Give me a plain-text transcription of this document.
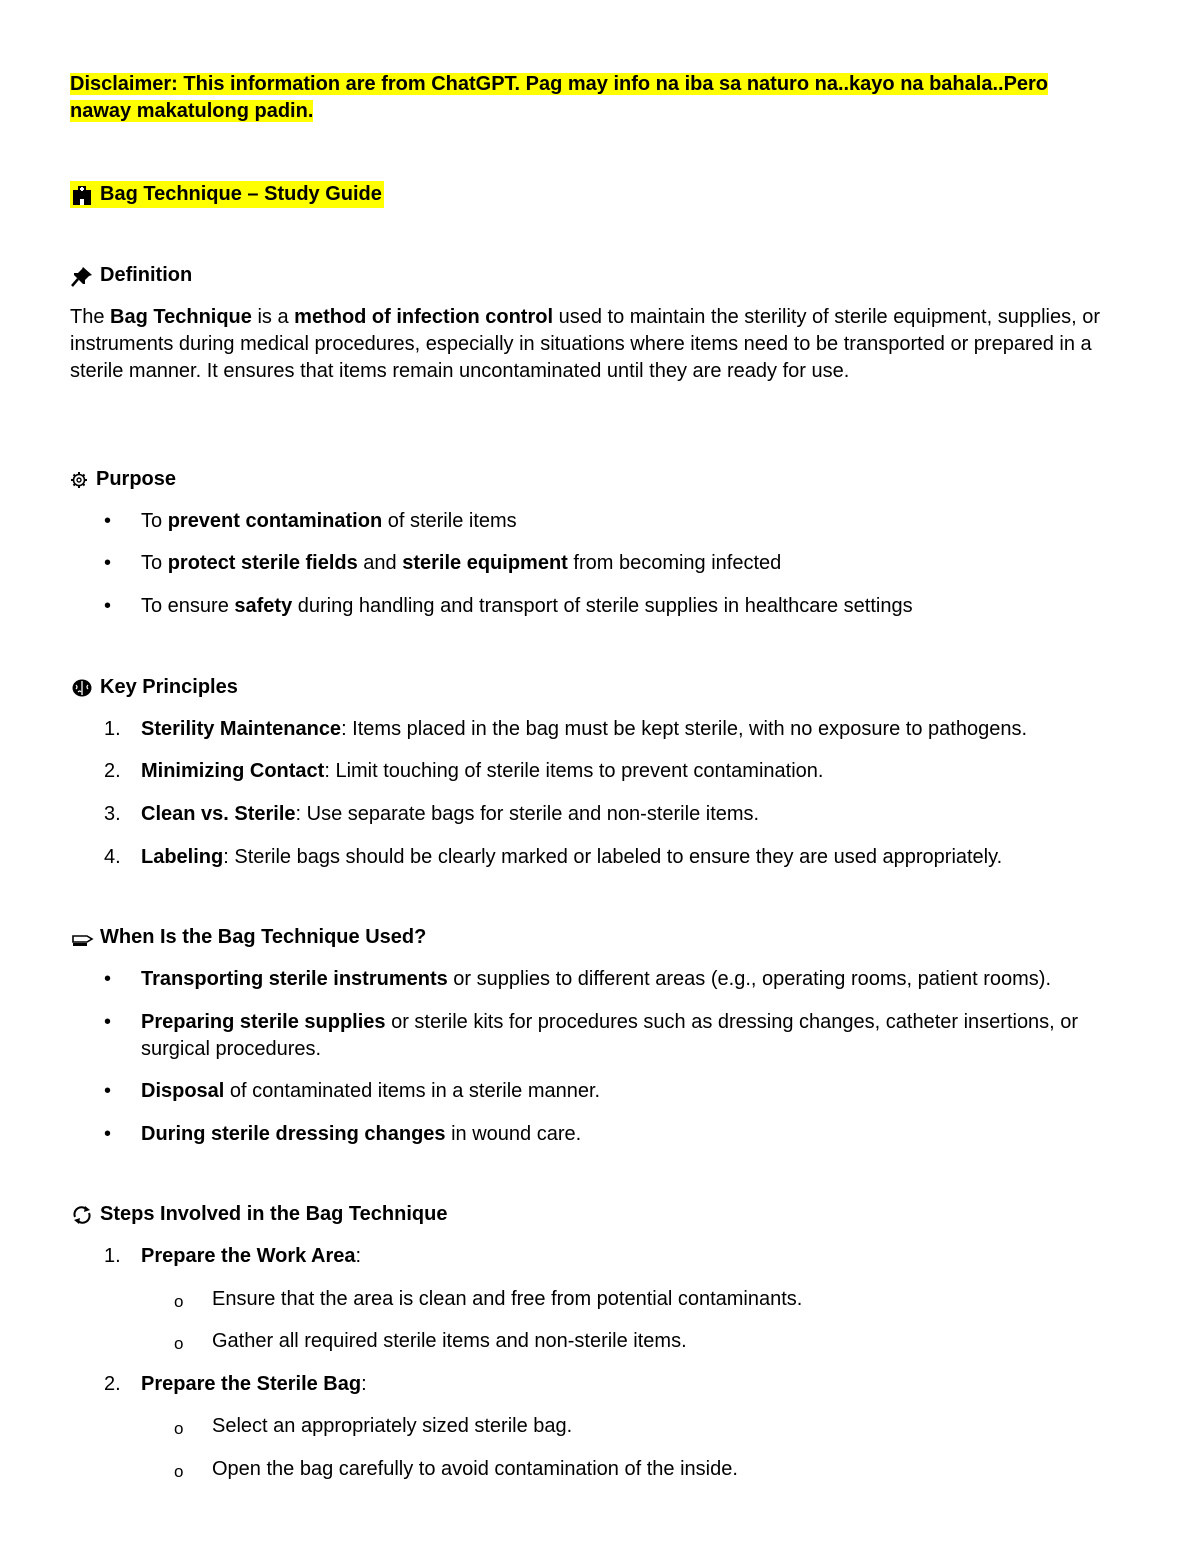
Disclaimer: This information are from ChatGPT. Pag may info na iba sa naturo na..kayo na bahala..Pero
naway makatulong padin.
Bag Technique – Study Guide
Definition
The Bag Technique is a method of infection control used to maintain the sterility of sterile equipment, supplies, or instruments during medical procedures, especially in situations where items need to be transported or prepared in a sterile manner. It ensures that items remain uncontaminated until they are ready for use.
Purpose
•	To prevent contamination of sterile items
•	To protect sterile fields and sterile equipment from becoming infected
•	To ensure safety during handling and transport of sterile supplies in healthcare settings
Key Principles
1.	Sterility Maintenance: Items placed in the bag must be kept sterile, with no exposure to pathogens.
2.	Minimizing Contact: Limit touching of sterile items to prevent contamination.
3.	Clean vs. Sterile: Use separate bags for sterile and non-sterile items.
4.	Labeling: Sterile bags should be clearly marked or labeled to ensure they are used appropriately.
When Is the Bag Technique Used?
•	Transporting sterile instruments or supplies to different areas (e.g., operating rooms, patient rooms).
•	Preparing sterile supplies or sterile kits for procedures such as dressing changes, catheter insertions, or surgical procedures.
•	Disposal of contaminated items in a sterile manner.
•	During sterile dressing changes in wound care.
Steps Involved in the Bag Technique
1.	Prepare the Work Area:
o Ensure that the area is clean and free from potential contaminants.
o Gather all required sterile items and non-sterile items.
2.	Prepare the Sterile Bag:
o Select an appropriately sized sterile bag.
o Open the bag carefully to avoid contamination of the inside.
